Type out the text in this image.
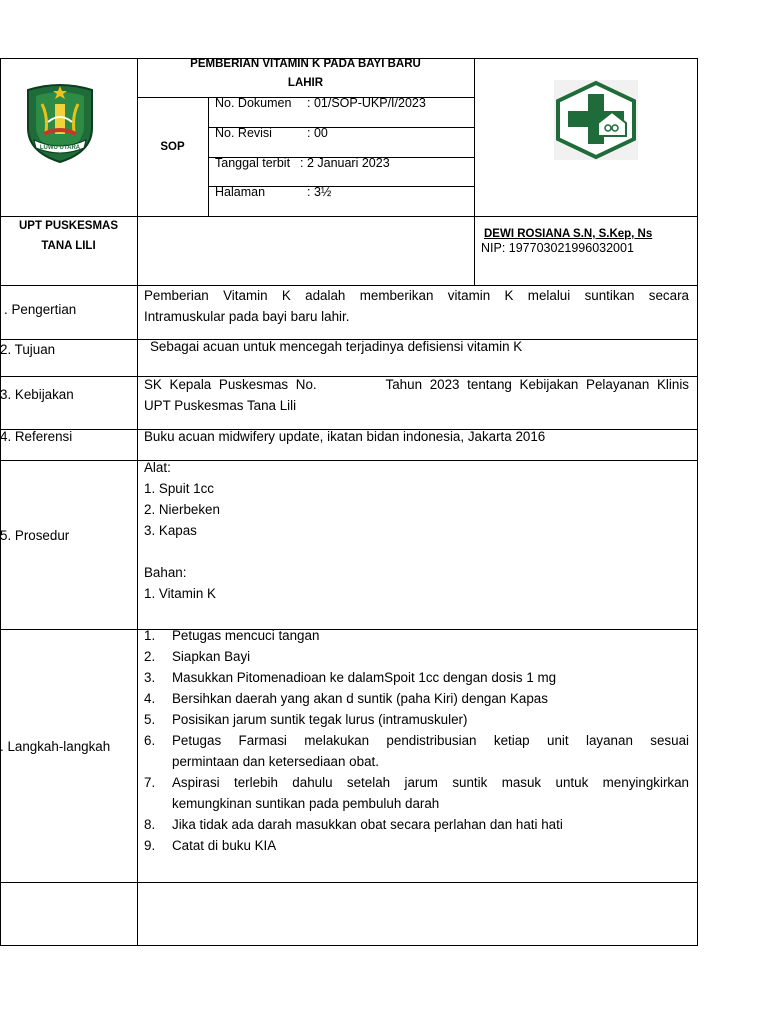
LUWU UTARA
PEMBERIAN VITAMIN K PADA BAYI BARU
LAHIR
SOP
No. Dokumen : 01/SOP-UKP/I/2023
No. Revisi	: 00
Tanggal terbit : 2 Januari 2023
Halaman	: 3½
UPT PUSKESMAS
TANA LILI
DEWI ROSIANA S.N, S.Kep, Ns
NIP: 197703021996032001
. Pengertian
Pemberian Vitamin K adalah memberikan vitamin K melalui suntikan secara
Intramuskular pada bayi baru lahir.
2. Tujuan	Sebagai acuan untuk mencegah terjadinya defisiensi vitamin K
3. Kebijakan
SK Kepala Puskesmas No.         Tahun 2023 tentang Kebijakan Pelayanan Klinis
UPT Puskesmas Tana Lili
4. Referensi	Buku acuan midwifery update, ikatan bidan indonesia, Jakarta 2016
5. Prosedur
Alat:
1. Spuit 1cc
2. Nierbeken
3. Kapas
Bahan:
1. Vitamin K
. Langkah-langkah
1. Petugas mencuci tangan
2. Siapkan Bayi
3. Masukkan Pitomenadioan ke dalamSpoit 1cc dengan dosis 1 mg
4. Bersihkan daerah yang akan d suntik (paha Kiri) dengan Kapas
5. Posisikan jarum suntik tegak lurus (intramuskuler)
6.	Petugas Farmasi melakukan pendistribusian ketiap unit layanan sesuai
permintaan dan ketersediaan obat.
7.	Aspirasi terlebih dahulu setelah jarum suntik masuk untuk menyingkirkan
kemungkinan suntikan pada pembuluh darah
8. Jika tidak ada darah masukkan obat secara perlahan dan hati hati
9. Catat di buku KIA
